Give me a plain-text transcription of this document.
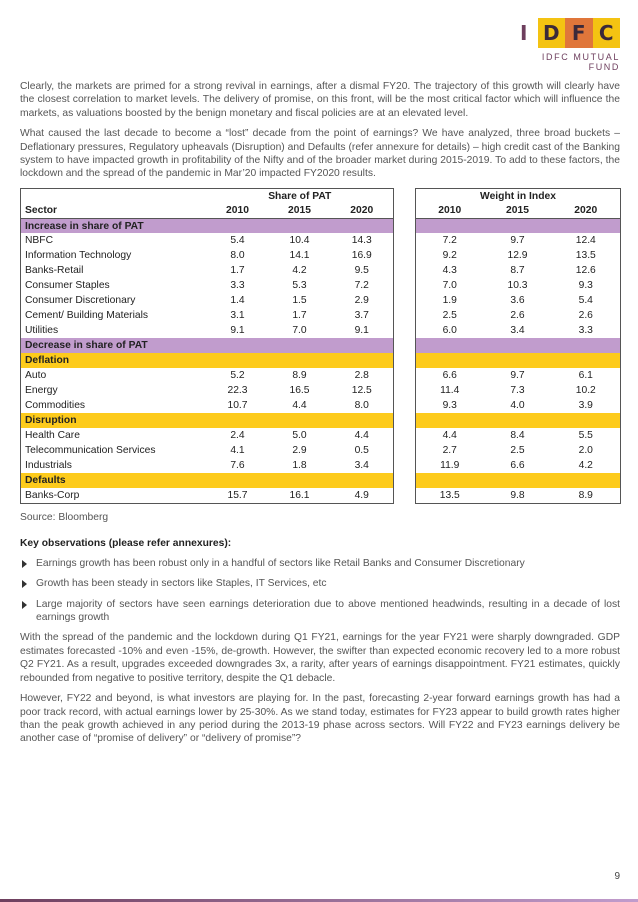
I D F C
IDFC MUTUAL FUND

Clearly, the markets are primed for a strong revival in earnings, after a dismal FY20. The trajectory of this growth will clearly have the closest correlation to market levels. The delivery of promise, on this front, will be the most critical factor which will influence the markets, as valuations boosted by the benign monetary and fiscal policies are at an elevated level.

What caused the last decade to become a “lost” decade from the point of earnings? We have analyzed, three broad buckets – Deflationary pressures, Regulatory upheavals (Disruption) and Defaults (refer annexure for details) – high credit cast of the Banking system to have impacted growth in profitability of the Nifty and of the broader market during 2015-2019. To add to these factors, the lockdown and the spread of the pandemic in Mar’20 impacted FY2020 results.

	Share of PAT				Weight in Index		
Sector	2010	2015	2020		2010	2015	2020
Increase in share of PAT							
NBFC	5.4	10.4	14.3		7.2	9.7	12.4
Information Technology	8.0	14.1	16.9		9.2	12.9	13.5
Banks-Retail	1.7	4.2	9.5		4.3	8.7	12.6
Consumer Staples	3.3	5.3	7.2		7.0	10.3	9.3
Consumer Discretionary	1.4	1.5	2.9		1.9	3.6	5.4
Cement/ Building Materials	3.1	1.7	3.7		2.5	2.6	2.6
Utilities	9.1	7.0	9.1		6.0	3.4	3.3
Decrease in share of PAT							
Deflation							
Auto	5.2	8.9	2.8		6.6	9.7	6.1
Energy	22.3	16.5	12.5		11.4	7.3	10.2
Commodities	10.7	4.4	8.0		9.3	4.0	3.9
Disruption							
Health Care	2.4	5.0	4.4		4.4	8.4	5.5
Telecommunication Services	4.1	2.9	0.5		2.7	2.5	2.0
Industrials	7.6	1.8	3.4		11.9	6.6	4.2
Defaults							
Banks-Corp	15.7	16.1	4.9		13.5	9.8	8.9
Source: Bloomberg
Key observations (please refer annexures):
Earnings growth has been robust only in a handful of sectors like Retail Banks and Consumer Discretionary
Growth has been steady in sectors like Staples, IT Services, etc
Large majority of sectors have seen earnings deterioration due to above mentioned headwinds, resulting in a decade of lost earnings growth

With the spread of the pandemic and the lockdown during Q1 FY21, earnings for the year FY21 were sharply downgraded. GDP estimates forecasted -10% and even -15%, de-growth. However, the swifter than expected economic recovery led to a more robust Q2 FY21. As a result, upgrades exceeded downgrades 3x, a rarity, after years of earnings disappointment. FY21 estimates, quickly rebounded from negative to positive territory, despite the Q1 debacle.

However, FY22 and beyond, is what investors are playing for. In the past, forecasting 2-year forward earnings growth has had a poor track record, with actual earnings lower by 25-30%. As we stand today, estimates for FY23 appear to build growth rates higher than the peak growth achieved in any period during the 2013-19 phase across sectors. Will FY22 and FY23 earnings delivery be another case of “promise of delivery” or “delivery of promise”?

9
